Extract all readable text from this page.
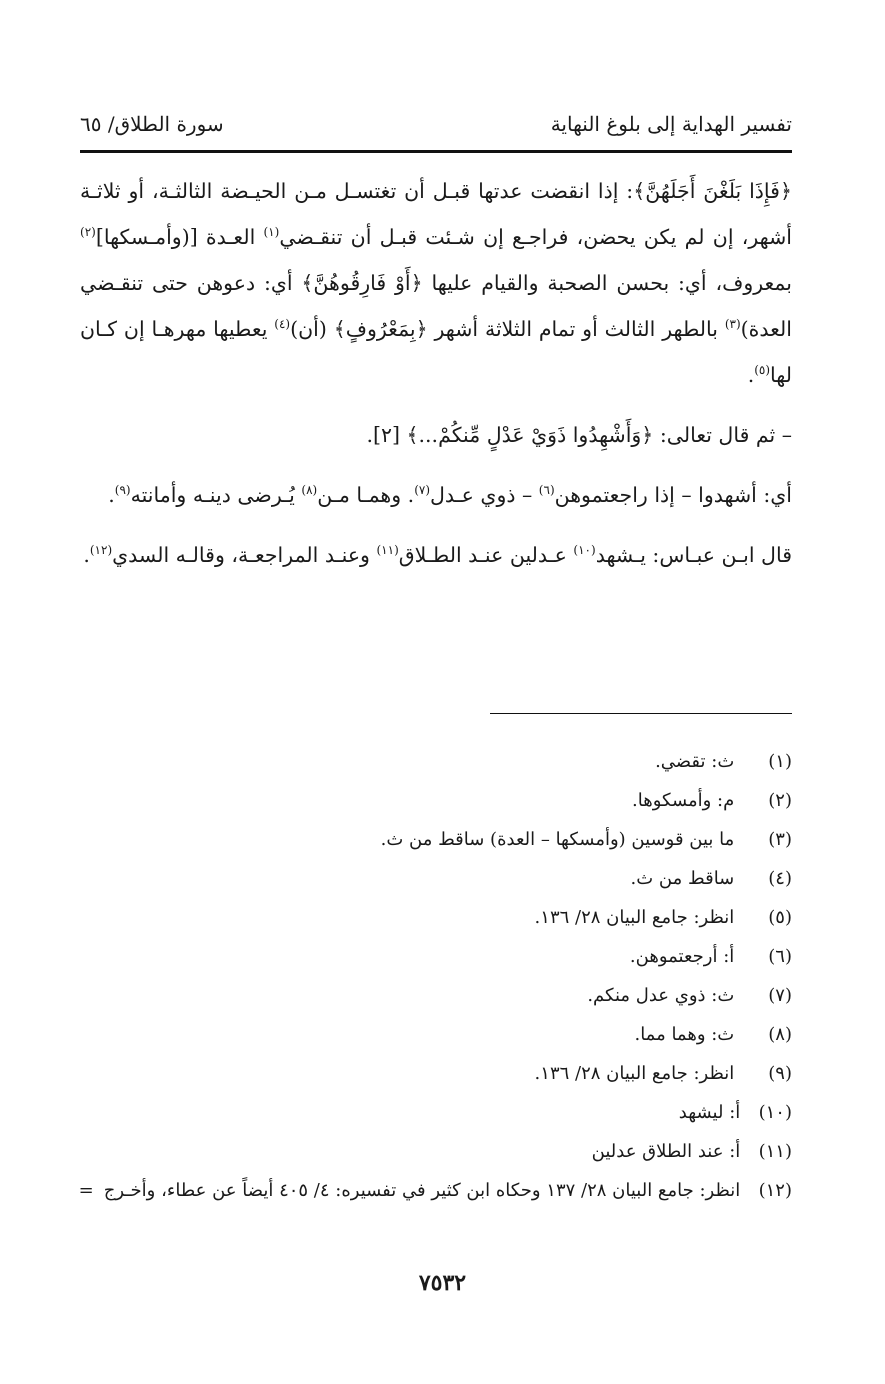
تفسير الهداية إلى بلوغ النهاية
سورة الطلاق/ ٦٥

﴿فَإِذَا بَلَغْنَ أَجَلَهُنَّ﴾: إذا انقضت عدتها قبـل أن تغتسـل مـن الحيـضة الثالثـة، أو ثلاثـة أشهر، إن لم يكن يحضن، فراجـع إن شـئت قبـل أن تنقـضي$^{(١)}$ العـدة [(وأمـسكها]$^{(٢)}$ بمعروف، أي: بحسن الصحبة والقيام عليها ﴿أَوْ فَارِقُوهُنَّ﴾ أي: دعوهن حتى تنقـضي العدة)$^{(٣)}$ بالطهر الثالث أو تمام الثلاثة أشهر ﴿بِمَعْرُوفٍ﴾ (أن)$^{(٤)}$ يعطيها مهرهـا إن كـان لها$^{(٥)}$.

– ثم قال تعالى: ﴿وَأَشْهِدُوا ذَوَيْ عَدْلٍ مِّنكُمْ...﴾ [٢].

أي: أشهدوا – إذا راجعتموهن$^{(٦)}$ – ذوي عـدل$^{(٧)}$. وهمـا مـن$^{(٨)}$ يُـرضى دينـه وأمانته$^{(٩)}$.

قال ابـن عبـاس: يـشهد$^{(١٠)}$ عـدلين عنـد الطـلاق$^{(١١)}$ وعنـد المراجعـة، وقالـه السدي$^{(١٢)}$.

(١) ث: تقضي.
(٢) م: وأمسكوها.
(٣) ما بين قوسين (وأمسكها – العدة) ساقط من ث.
(٤) ساقط من ث.
(٥) انظر: جامع البيان ٢٨/ ١٣٦.
(٦) أ: أرجعتموهن.
(٧) ث: ذوي عدل منكم.
(٨) ث: وهما مما.
(٩) انظر: جامع البيان ٢٨/ ١٣٦.
(١٠) أ: ليشهد
(١١) أ: عند الطلاق عدلين
(١٢) انظر: جامع البيان ٢٨/ ١٣٧ وحكاه ابن كثير في تفسيره: ٤/ ٤٠٥ أيضاً عن عطاء، وأخـرج=
٧٥٣٢
